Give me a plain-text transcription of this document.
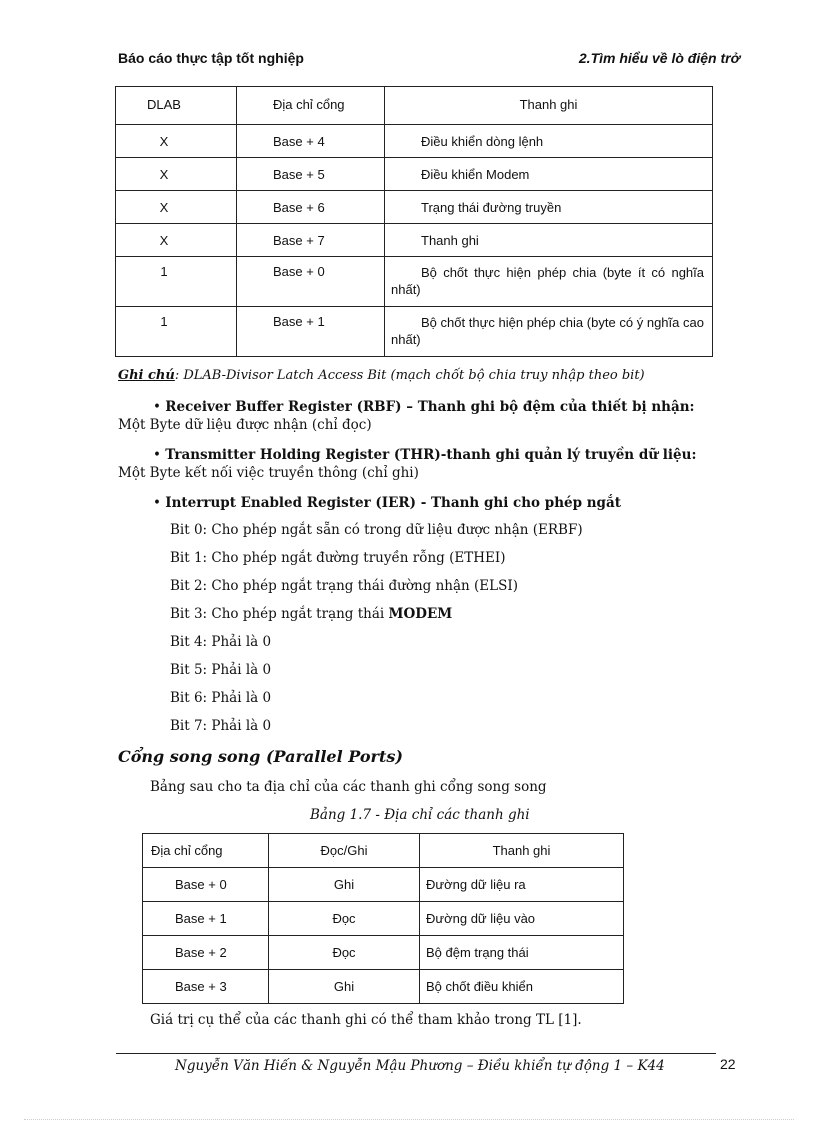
Báo cáo thực tập tốt nghiệp	2.Tìm hiểu về lò điện trở
DLAB	Địa chỉ cổng	Thanh ghi
X	Base + 4	Điều khiển dòng lệnh
X	Base + 5	Điều khiển Modem
X	Base + 6	Trạng thái đường truyền
X	Base + 7	Thanh ghi
1	Base + 0	Bộ chốt thực hiện phép chia (byte ít có nghĩa nhất)
1	Base + 1	Bộ chốt thực hiện phép chia (byte có ý nghĩa cao nhất)
Ghi chú: DLAB-Divisor Latch Access Bit (mạch chốt bộ chia truy nhập theo bit)
• Receiver Buffer Register (RBF) – Thanh ghi bộ đệm của thiết bị nhận:
Một Byte dữ liệu được nhận (chỉ đọc)
• Transmitter Holding Register (THR)-thanh ghi quản lý truyền dữ liệu:
Một Byte kết nối việc truyền thông (chỉ ghi)
• Interrupt Enabled Register (IER) - Thanh ghi cho phép ngắt
Bit 0: Cho phép ngắt sẵn có trong dữ liệu được nhận (ERBF)
Bit 1: Cho phép ngắt đường truyền rỗng (ETHEI)
Bit 2: Cho phép ngắt trạng thái đường nhận (ELSI)
Bit 3: Cho phép ngắt trạng thái MODEM
Bit 4: Phải là 0
Bit 5: Phải là 0
Bit 6: Phải là 0
Bit 7: Phải là 0
Cổng song song (Parallel Ports)
Bảng sau cho ta địa chỉ của các thanh ghi cổng song song
Bảng 1.7 - Địa chỉ các thanh ghi
Địa chỉ cổng	Đọc/Ghi	Thanh ghi
Base + 0	Ghi	Đường dữ liệu ra
Base + 1	Đọc	Đường dữ liệu vào
Base + 2	Đọc	Bộ đệm trạng thái
Base + 3	Ghi	Bộ chốt điều khiển
Giá trị cụ thể của các thanh ghi có thể tham khảo trong TL [1].
Nguyễn Văn Hiến & Nguyễn Mậu Phương – Điều khiển tự động 1 – K44	22
